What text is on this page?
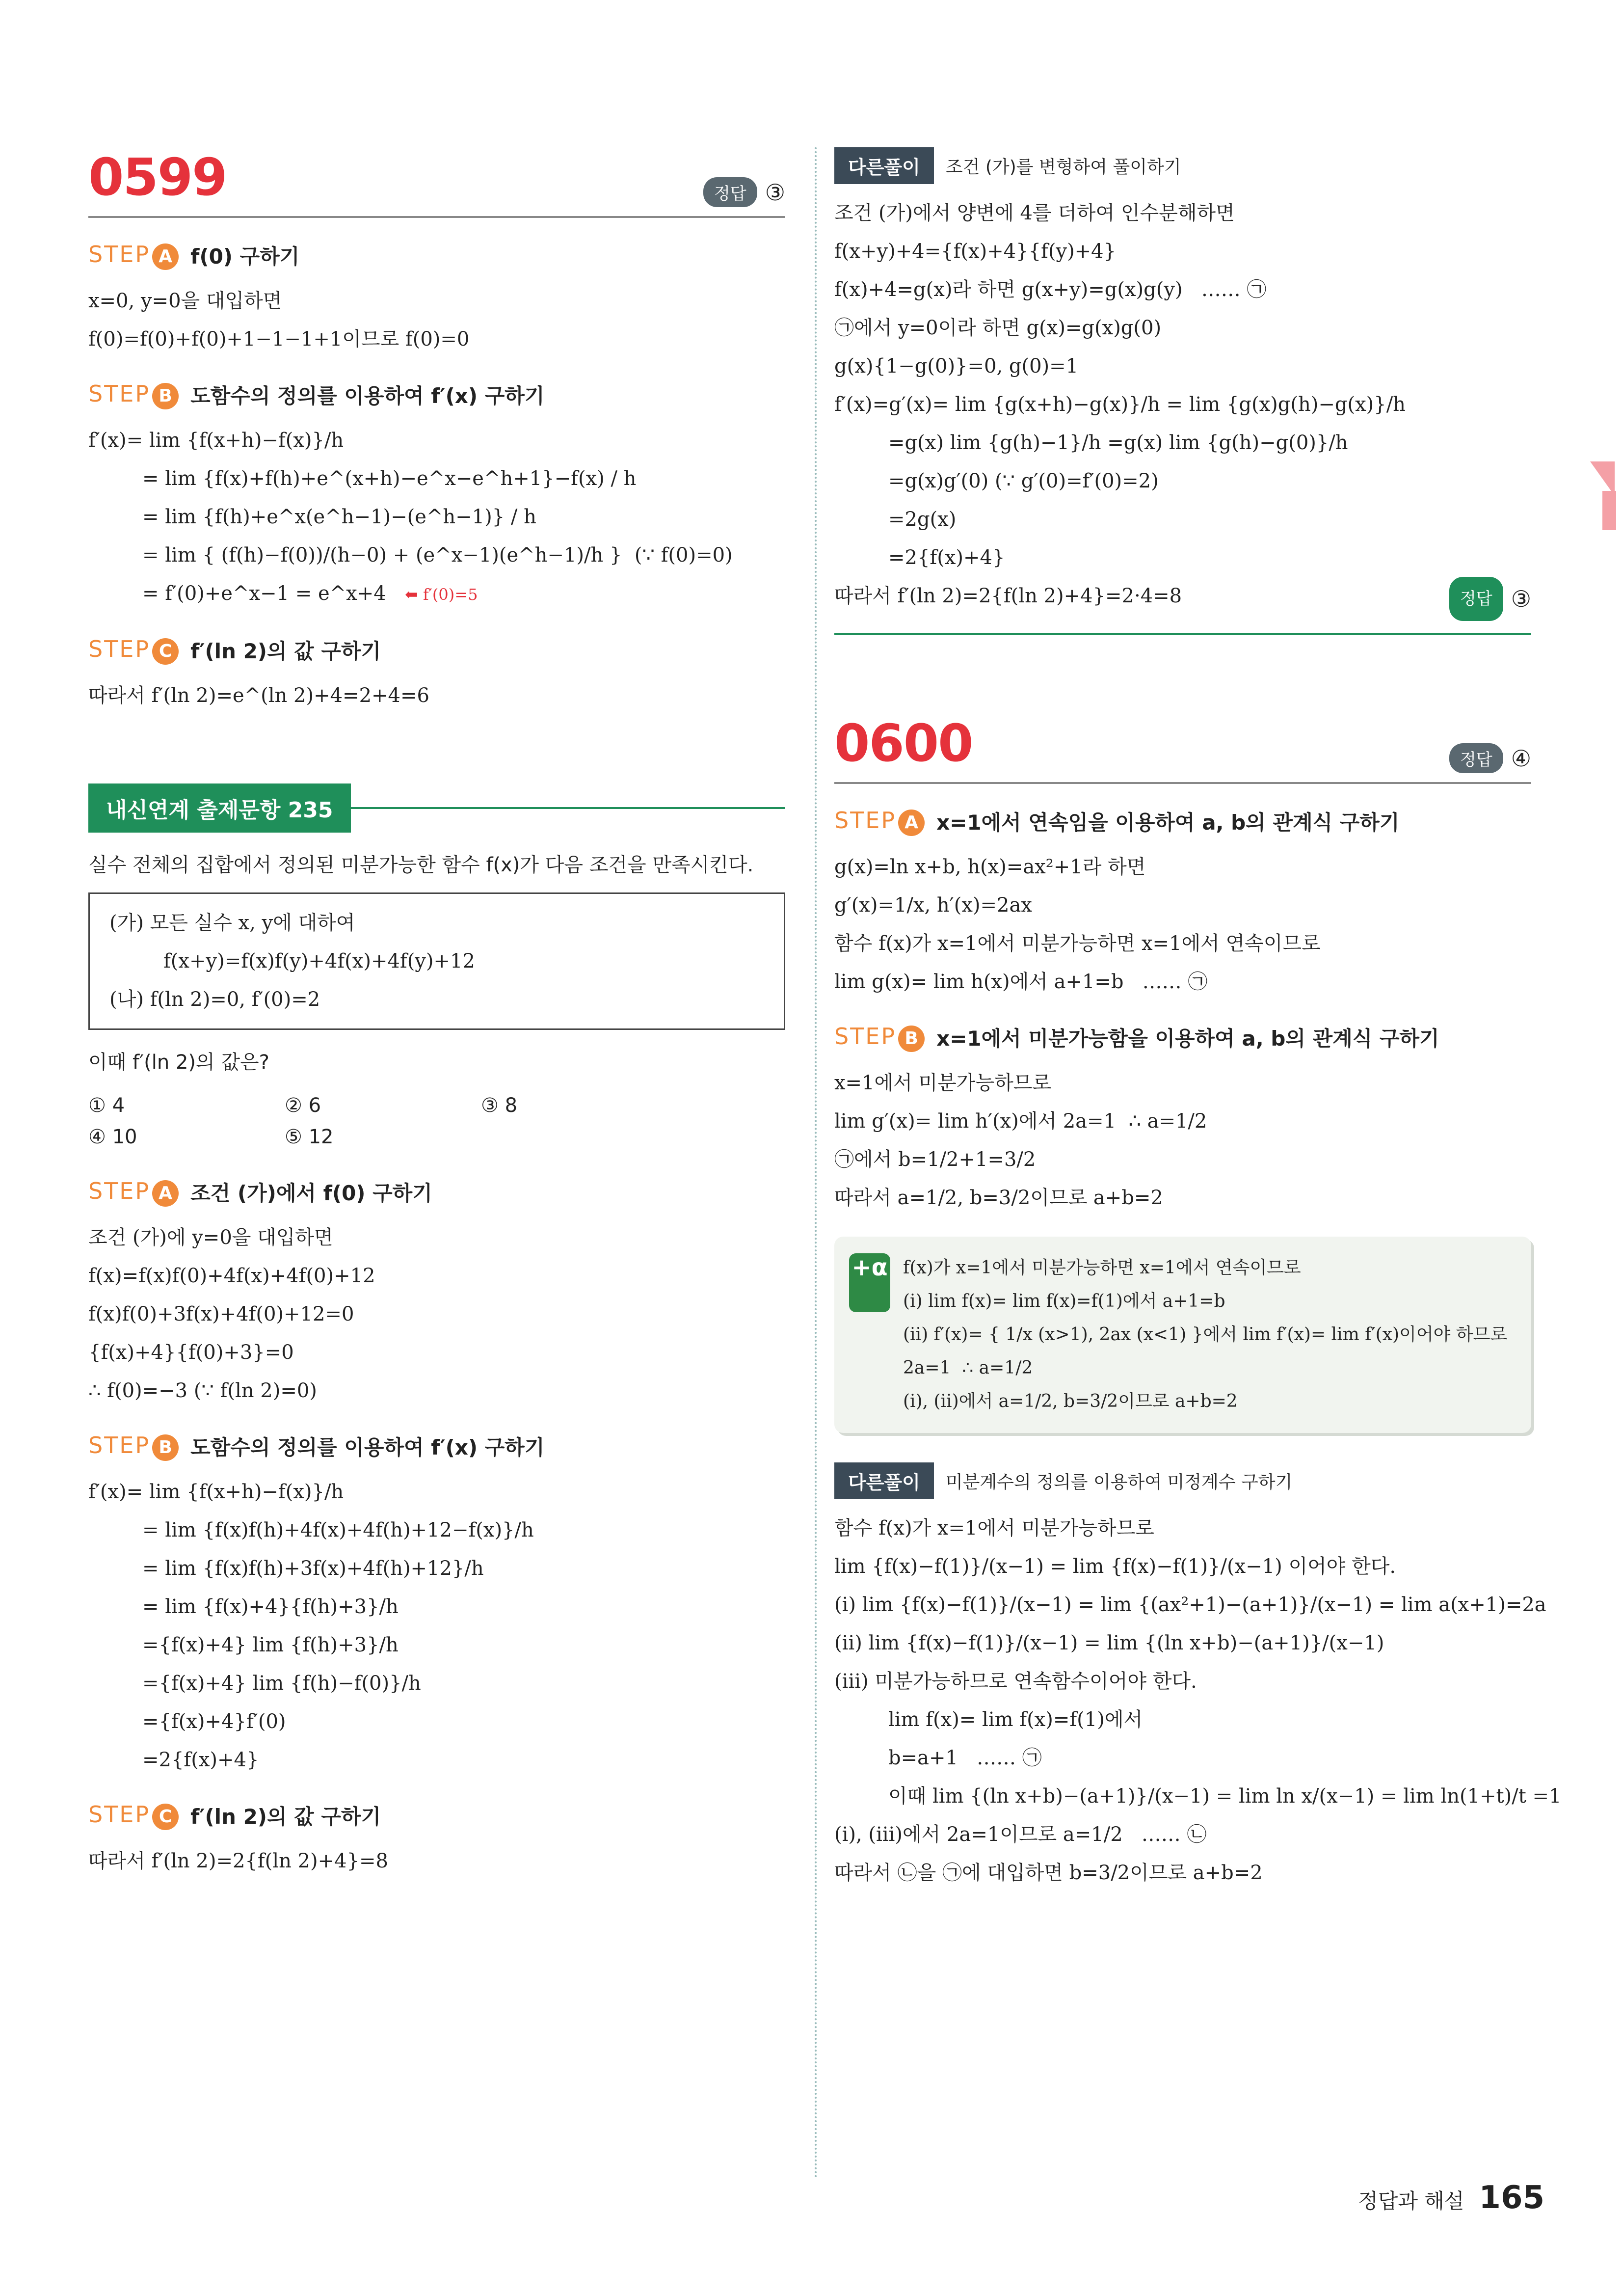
0599	정답 ③
STEP A f(0) 구하기
x=0, y=0을 대입하면
f(0)=f(0)+f(0)+1−1−1+1이므로 f(0)=0
STEP B 도함수의 정의를 이용하여 f′(x) 구하기
f′(x)= lim {f(x+h)−f(x)}/h
= lim {f(x)+f(h)+e^(x+h)−e^x−e^h+1}−f(x) / h
= lim {f(h)+e^x(e^h−1)−(e^h−1)} / h
= lim { (f(h)−f(0))/(h−0) + (e^x−1)(e^h−1)/h }  (∵ f(0)=0)
= f′(0)+e^x−1 = e^x+4 ⬅ f′(0)=5
STEP C f′(ln 2)의 값 구하기
따라서 f′(ln 2)=e^(ln 2)+4=2+4=6
내신연계 출제문항 235
실수 전체의 집합에서 정의된 미분가능한 함수 f(x)가 다음 조건을 만족시킨다.
(가) 모든 실수 x, y에 대하여
f(x+y)=f(x)f(y)+4f(x)+4f(y)+12
(나) f(ln 2)=0, f′(0)=2
이때 f′(ln 2)의 값은?
① 4	② 6	③ 8
④ 10	⑤ 12
STEP A 조건 (가)에서 f(0) 구하기
조건 (가)에 y=0을 대입하면
f(x)=f(x)f(0)+4f(x)+4f(0)+12
f(x)f(0)+3f(x)+4f(0)+12=0
{f(x)+4}{f(0)+3}=0
∴ f(0)=−3 (∵ f(ln 2)=0)
STEP B 도함수의 정의를 이용하여 f′(x) 구하기
f′(x)= lim {f(x+h)−f(x)}/h
= lim {f(x)f(h)+4f(x)+4f(h)+12−f(x)}/h
= lim {f(x)f(h)+3f(x)+4f(h)+12}/h
= lim {f(x)+4}{f(h)+3}/h
={f(x)+4} lim {f(h)+3}/h
={f(x)+4} lim {f(h)−f(0)}/h
={f(x)+4}f′(0)
=2{f(x)+4}
STEP C f′(ln 2)의 값 구하기
따라서 f′(ln 2)=2{f(ln 2)+4}=8
다른풀이	조건 (가)를 변형하여 풀이하기
조건 (가)에서 양변에 4를 더하여 인수분해하면
f(x+y)+4={f(x)+4}{f(y)+4}
f(x)+4=g(x)라 하면 g(x+y)=g(x)g(y)   …… ㉠
㉠에서 y=0이라 하면 g(x)=g(x)g(0)
g(x){1−g(0)}=0, g(0)=1
f′(x)=g′(x)= lim {g(x+h)−g(x)}/h = lim {g(x)g(h)−g(x)}/h
=g(x) lim {g(h)−1}/h =g(x) lim {g(h)−g(0)}/h
=g(x)g′(0) (∵ g′(0)=f′(0)=2)
=2g(x)
=2{f(x)+4}
따라서 f′(ln 2)=2{f(ln 2)+4}=2·4=8	정답 ③
0600	정답 ④
STEP A x=1에서 연속임을 이용하여 a, b의 관계식 구하기
g(x)=ln x+b, h(x)=ax²+1라 하면
g′(x)=1/x, h′(x)=2ax
함수 f(x)가 x=1에서 미분가능하면 x=1에서 연속이므로
lim g(x)= lim h(x)에서 a+1=b   …… ㉠
STEP B x=1에서 미분가능함을 이용하여 a, b의 관계식 구하기
x=1에서 미분가능하므로
lim g′(x)= lim h′(x)에서 2a=1  ∴ a=1/2
㉠에서 b=1/2+1=3/2
따라서 a=1/2, b=3/2이므로 a+b=2
+α f(x)가 x=1에서 미분가능하면 x=1에서 연속이므로
(ⅰ) lim f(x)= lim f(x)=f(1)에서 a+1=b
(ⅱ) f′(x)= { 1/x (x>1), 2ax (x<1) }에서 lim f′(x)= lim f′(x)이어야 하므로
2a=1  ∴ a=1/2
(ⅰ), (ⅱ)에서 a=1/2, b=3/2이므로 a+b=2
다른풀이	미분계수의 정의를 이용하여 미정계수 구하기
함수 f(x)가 x=1에서 미분가능하므로
lim {f(x)−f(1)}/(x−1) = lim {f(x)−f(1)}/(x−1) 이어야 한다.
(ⅰ) lim {f(x)−f(1)}/(x−1) = lim {(ax²+1)−(a+1)}/(x−1) = lim a(x+1)=2a
(ⅱ) lim {f(x)−f(1)}/(x−1) = lim {(ln x+b)−(a+1)}/(x−1)
(ⅲ) 미분가능하므로 연속함수이어야 한다.
lim f(x)= lim f(x)=f(1)에서
b=a+1   …… ㉠
이때 lim {(ln x+b)−(a+1)}/(x−1) = lim ln x/(x−1) = lim ln(1+t)/t =1
(ⅰ), (ⅲ)에서 2a=1이므로 a=1/2   …… ㉡
따라서 ㉡을 ㉠에 대입하면 b=3/2이므로 a+b=2
정답과 해설 165
